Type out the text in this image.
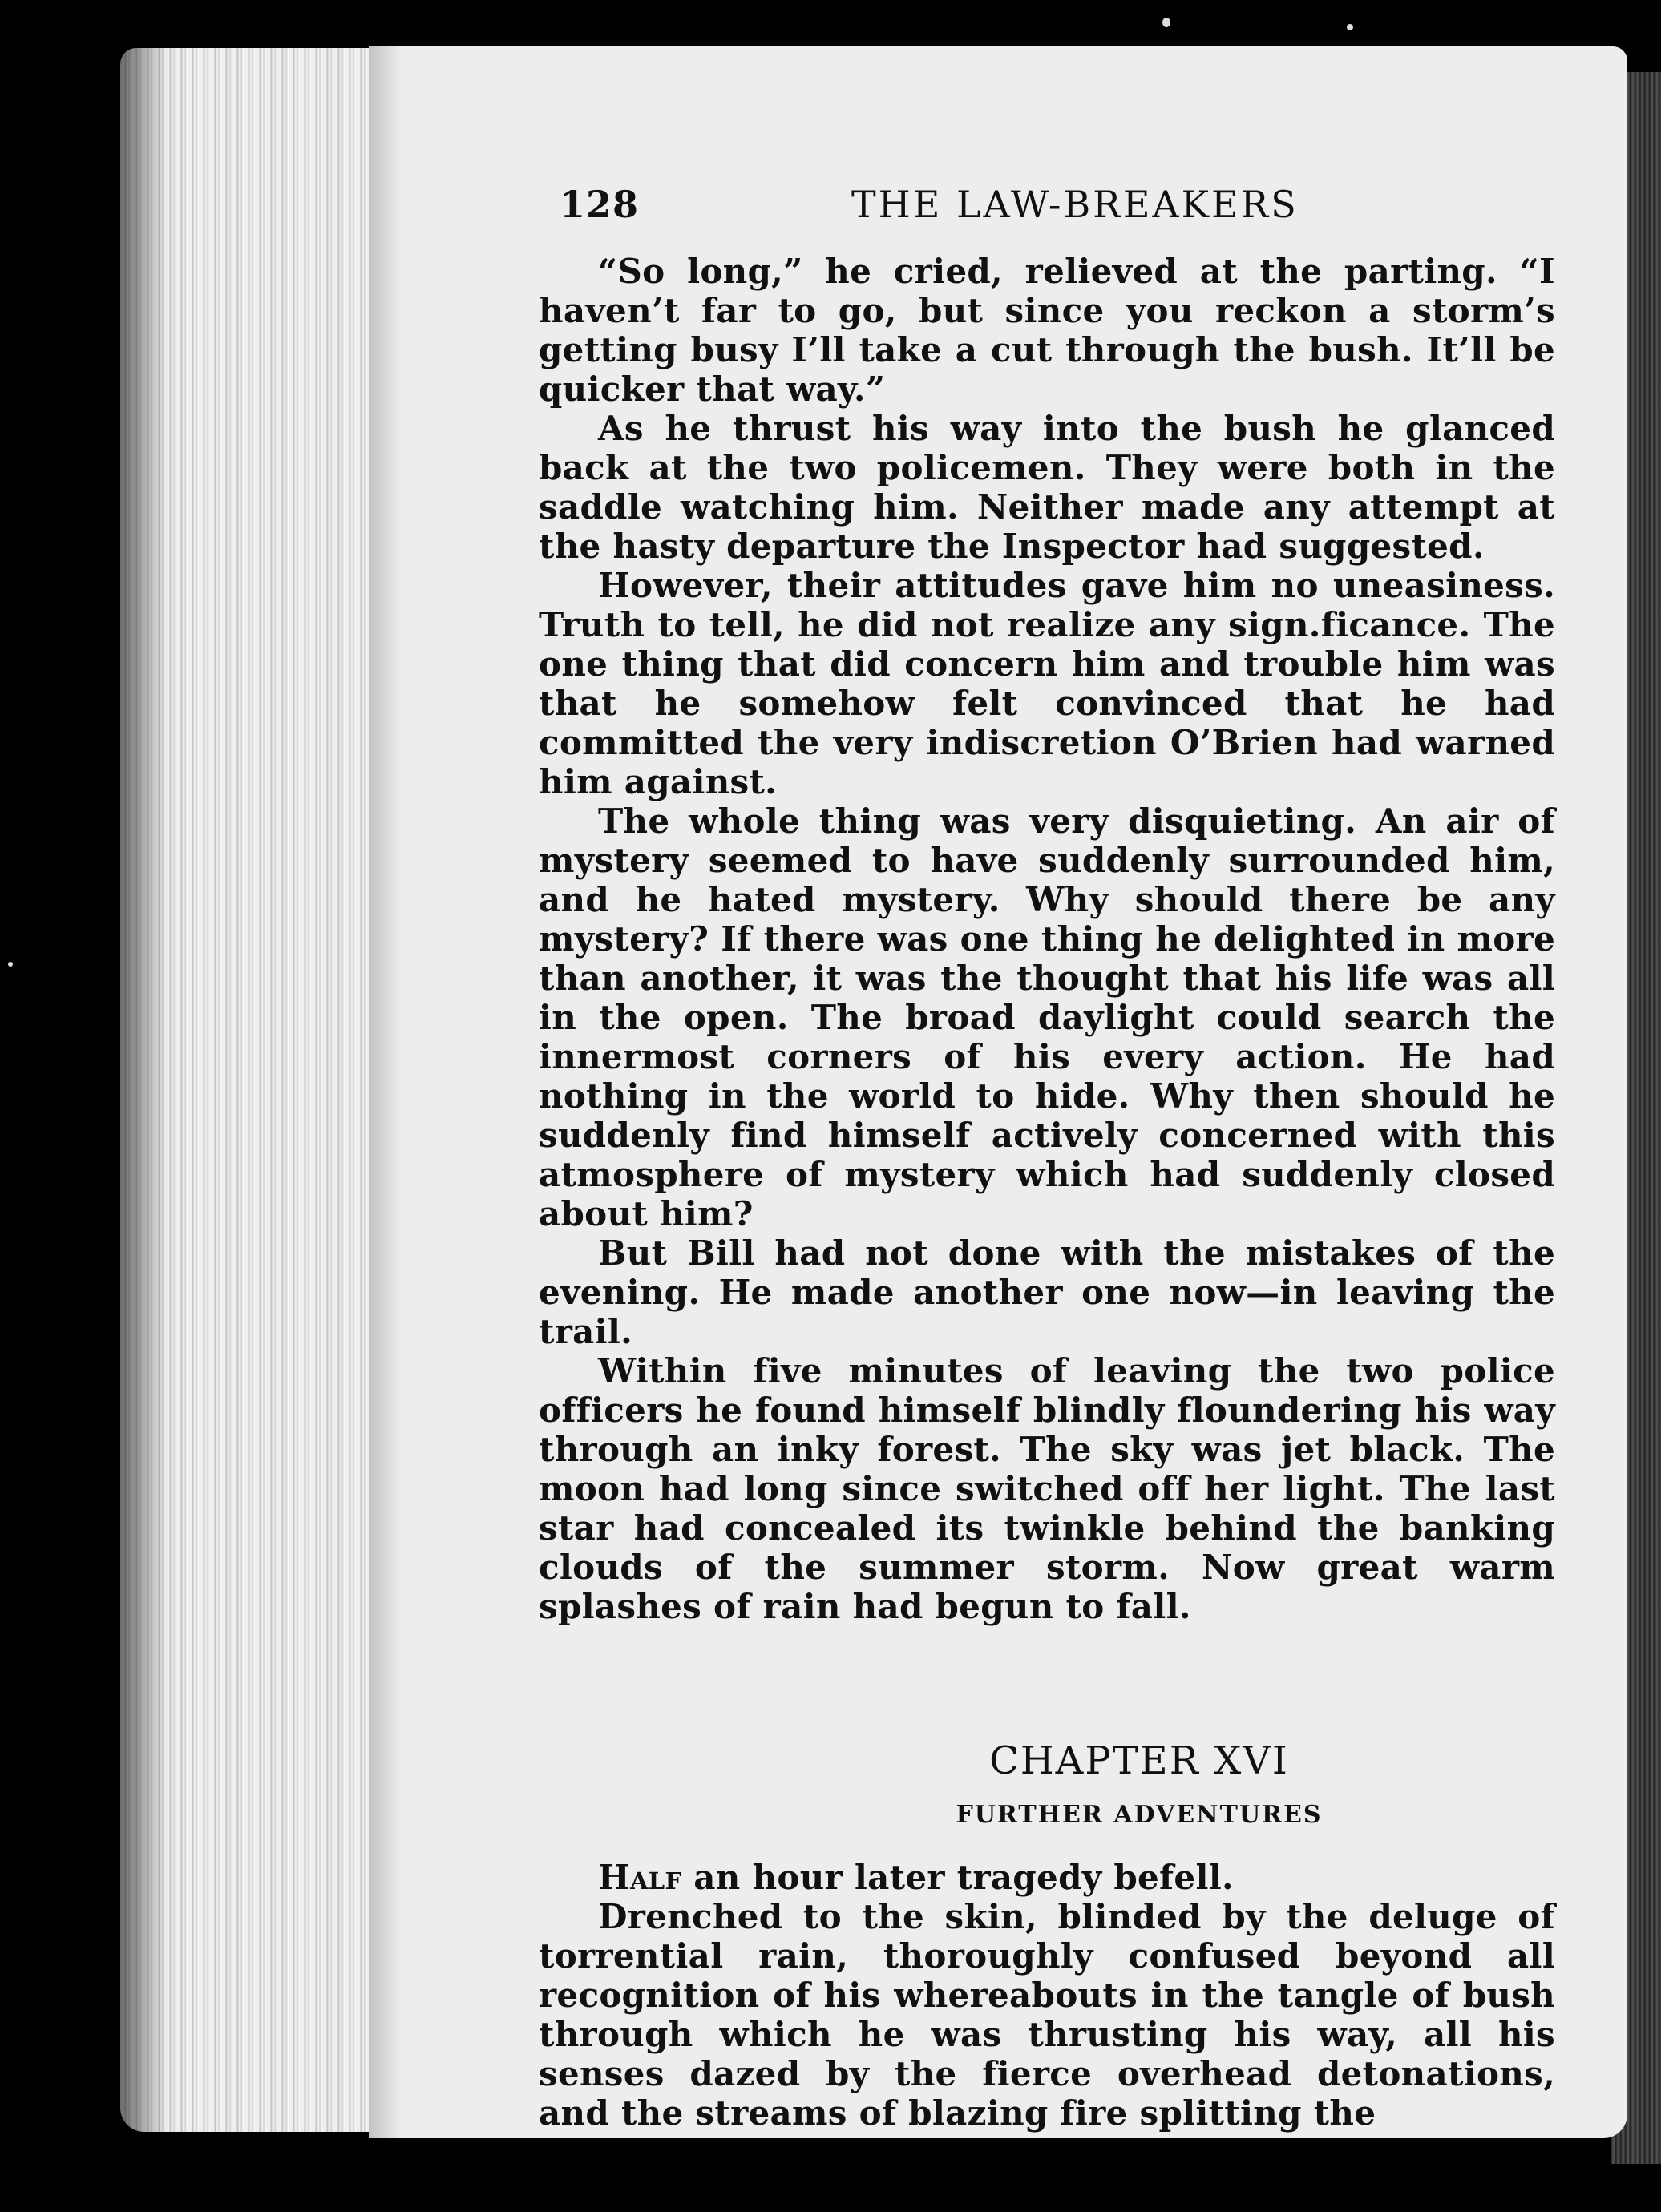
128	THE LAW-BREAKERS

“So long,” he cried, relieved at the parting. “I haven’t far to go, but since you reckon a storm’s getting busy I’ll take a cut through the bush. It’ll be quicker that way.”

As he thrust his way into the bush he glanced back at the two policemen. They were both in the saddle watching him. Neither made any attempt at the hasty departure the Inspector had suggested.

However, their attitudes gave him no uneasiness. Truth to tell, he did not realize any sign.ficance. The one thing that did concern him and trouble him was that he somehow felt convinced that he had committed the very indiscretion O’Brien had warned him against.

The whole thing was very disquieting. An air of mystery seemed to have suddenly surrounded him, and he hated mystery. Why should there be any mystery? If there was one thing he delighted in more than another, it was the thought that his life was all in the open. The broad daylight could search the innermost corners of his every action. He had nothing in the world to hide. Why then should he suddenly find himself actively concerned with this atmosphere of mystery which had suddenly closed about him?

But Bill had not done with the mistakes of the evening. He made another one now—in leaving the trail.

Within five minutes of leaving the two police officers he found himself blindly floundering his way through an inky forest. The sky was jet black. The moon had long since switched off her light. The last star had concealed its twinkle behind the banking clouds of the summer storm. Now great warm splashes of rain had begun to fall.

CHAPTER XVI
FURTHER ADVENTURES

Half an hour later tragedy befell.

Drenched to the skin, blinded by the deluge of torrential rain, thoroughly confused beyond all recognition of his whereabouts in the tangle of bush through which he was thrusting his way, all his senses dazed by the fierce overhead detonations, and the streams of blazing fire splitting the
